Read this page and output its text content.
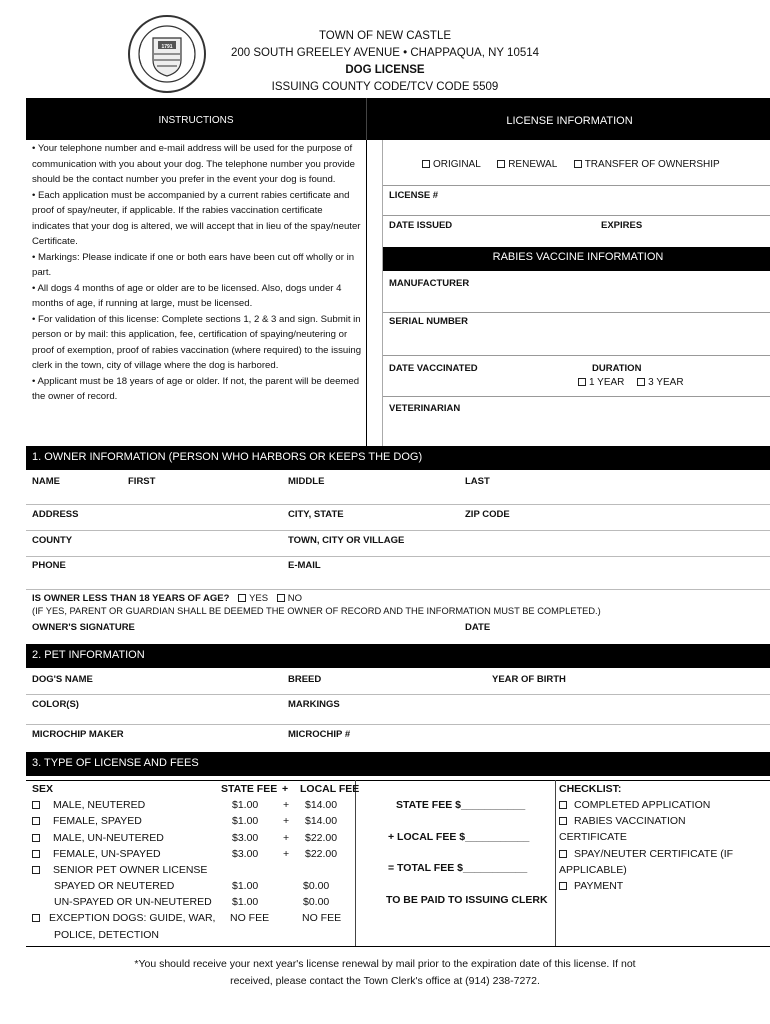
1791
TOWN OF NEW CASTLE
200 SOUTH GREELEY AVENUE • CHAPPAQUA, NY 10514
DOG LICENSE
ISSUING COUNTY CODE/TCV CODE 5509
INSTRUCTIONS	LICENSE INFORMATION

• Your telephone number and e-mail address will be used for the purpose of communication with you about your dog. The telephone number you provide should be the contact number you prefer in the event your dog is found.

• Each application must be accompanied by a current rabies certificate and proof of spay/neuter, if applicable. If the rabies vaccination certificate indicates that your dog is altered, we will accept that in lieu of the spay/neuter Certificate.

• Markings: Please indicate if one or both ears have been cut off wholly or in part.

• All dogs 4 months of age or older are to be licensed. Also, dogs under 4 months of age, if running at large, must be licensed.

• For validation of this license: Complete sections 1, 2 & 3 and sign. Submit in person or by mail: this application, fee, certification of spaying/neutering or proof of exemption, proof of rabies vaccination (where required) to the issuing clerk in the town, city of village where the dog is harbored.

• Applicant must be 18 years of age or older. If not, the parent will be deemed the owner of record.

ORIGINAL	RENEWAL	TRANSFER OF OWNERSHIP
LICENSE #
DATE ISSUED	EXPIRES
RABIES VACCINE INFORMATION
MANUFACTURER
SERIAL NUMBER
DATE VACCINATED	DURATION
1 YEAR 3 YEAR
VETERINARIAN
1. OWNER INFORMATION (PERSON WHO HARBORS OR KEEPS THE DOG)
NAME	FIRST	MIDDLE	LAST
ADDRESS	CITY, STATE	ZIP CODE
COUNTY	TOWN, CITY OR VILLAGE
PHONE	E-MAIL
IS OWNER LESS THAN 18 YEARS OF AGE? YES NO
(IF YES, PARENT OR GUARDIAN SHALL BE DEEMED THE OWNER OF RECORD AND THE INFORMATION MUST BE COMPLETED.)
OWNER'S SIGNATURE	DATE
2. PET INFORMATION
DOG'S NAME	BREED	YEAR OF BIRTH
COLOR(S)	MARKINGS
MICROCHIP MAKER	MICROCHIP #
3. TYPE OF LICENSE AND FEES
SEX	STATE FEE + LOCAL FEE
MALE, NEUTERED	$1.00 + $14.00
FEMALE, SPAYED	$1.00 + $14.00
MALE, UN-NEUTERED	$3.00 + $22.00
FEMALE, UN-SPAYED	$3.00 + $22.00
SENIOR PET OWNER LICENSE
SPAYED OR NEUTERED	$1.00	$0.00
UN-SPAYED OR UN-NEUTERED $1.00	$0.00
EXCEPTION DOGS: GUIDE, WAR, NO FEE	NO FEE
POLICE, DETECTION
STATE FEE $___________
+ LOCAL FEE $___________
= TOTAL FEE $___________
TO BE PAID TO ISSUING CLERK
CHECKLIST:
COMPLETED APPLICATION
RABIES VACCINATION
CERTIFICATE
SPAY/NEUTER CERTIFICATE (IF
APPLICABLE)
PAYMENT
*You should receive your next year's license renewal by mail prior to the expiration date of this license. If not
received, please contact the Town Clerk's office at (914) 238-7272.
